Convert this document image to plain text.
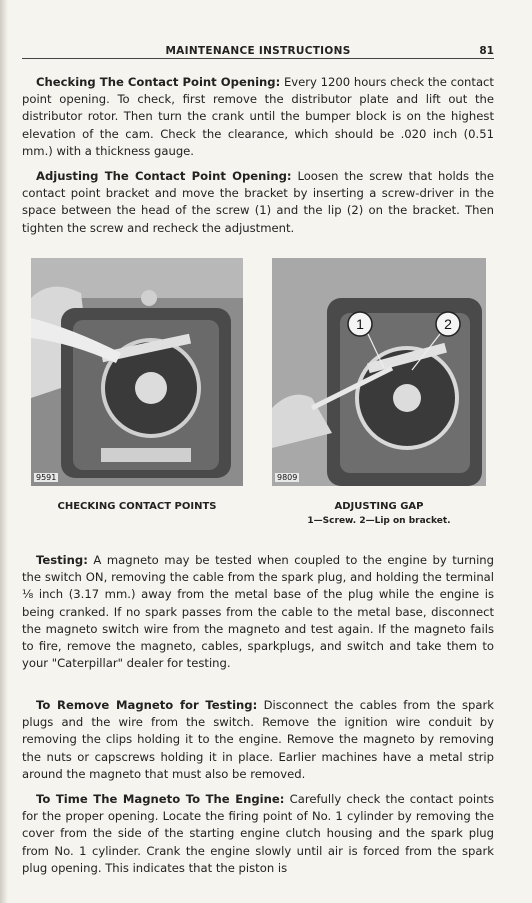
MAINTENANCE INSTRUCTIONS	81

Checking The Contact Point Opening: Every 1200 hours check the contact point opening. To check, first remove the distributor plate and lift out the distributor rotor. Then turn the crank until the bumper block is on the highest elevation of the cam. Check the clearance, which should be .020 inch (0.51 mm.) with a thickness gauge.

Adjusting The Contact Point Opening: Loosen the screw that holds the contact point bracket and move the bracket by inserting a screw-driver in the space between the head of the screw (1) and the lip (2) on the bracket. Then tighten the screw and recheck the adjustment.

9591
1	2
9809
CHECKING CONTACT POINTS	ADJUSTING GAP
1—Screw. 2—Lip on bracket.

Testing: A magneto may be tested when coupled to the engine by turning the switch ON, removing the cable from the spark plug, and holding the terminal ⅛ inch (3.17 mm.) away from the metal base of the plug while the engine is being cranked. If no spark passes from the cable to the metal base, disconnect the magneto switch wire from the magneto and test again. If the magneto fails to fire, remove the magneto, cables, sparkplugs, and switch and take them to your "Caterpillar" dealer for testing.

To Remove Magneto for Testing: Disconnect the cables from the spark plugs and the wire from the switch. Remove the ignition wire conduit by removing the clips holding it to the engine. Remove the magneto by removing the nuts or capscrews holding it in place. Earlier machines have a metal strip around the magneto that must also be removed.

To Time The Magneto To The Engine: Carefully check the contact points for the proper opening. Locate the firing point of No. 1 cylinder by removing the cover from the side of the starting engine clutch housing and the spark plug from No. 1 cylinder. Crank the engine slowly until air is forced from the spark plug opening. This indicates that the piston is
